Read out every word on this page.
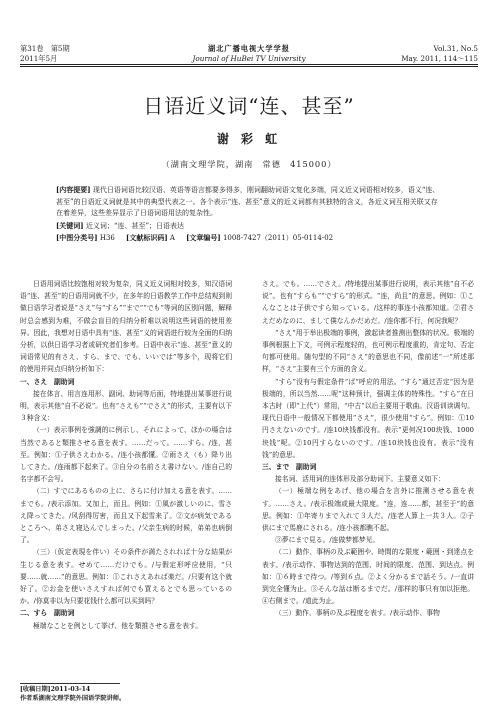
第31卷　第5期
2011年5月
湖北广播电视大学学报
Journal of HuBei TV University
Vol.31, No.5
May. 2011, 114～115
日语近义词“连、甚至”
谢 彩 虹
（湖南文理学院，湖南　常德　415000）

[内容提要] 现代日语词语比较汉语、英语等语言都要多得多，刚词翻助词语文复化多端，同义近义词语相对较多，语义“连、甚至”的日语近义词就是其中的典型代表之一。各个表示“连、甚至”意义的近义词都有其独特的含义，各近义词互相关联又存在着差异，这些差异显示了日语词语用法的复杂性。

[关键词] 近义词；“连、甚至”；日语表达

[中图分类号] H36 [文献标识码] A [文章编号] 1008-7427（2011）05-0114-02

日语用词语比较饱相对较为复杂，同义近义词相对较多，知汉语词语“连、甚至”的日语用词就不少，在多年的日语教学工作中总结观到则做日语学习者说是“さえ”与“すら”“まで”“でも”等词的区别问题，解释时总会感到为难，不做会盲目的归纳分析难以说明这些词语的使用差异。因此，我想对日语中具有“连、甚至”义的词语进行较为全面的归纳分析，以供日语学习者或研究者们参考。日语中表示“连、甚至”意义的词语常见的有さえ、すら、まで、でも、いいでは”等多个，现将它们的使用并同点归纳分析如下：

一、さえ　副助词

接在体言、用言连用形、副词、助词等后面，特地提出某事进行说明，表示其他“自不必说”。也有“さえも”“でさえ”的形式，主要有以下３种含义：

（一）表示事例を強調的に例示し、それによって、ほかの場合は当然であると類推させる意を表す。……だって。……すら。/连，甚至。例如：①子供さえわかる。/连小孩都懂。②雨さえ（も）降り出してきた。/连雨都下起来了。③自分の名前さえ書けない。/连自己的名字都不会写。

（二）すでにあるものの上に、さらに付け加える意を表す。……までも。/表示添加。又加上，而且。例如：①風が激しいのに、雪さえ降ってきた。/风刮得厉害，而且又下起雪来了。②文が病気であるところへ、弟さえ寝込んでしまった。/父亲生病的时候，弟弟也病倒了。

（三）（仮定表現を伴い）その条件が満たされれば十分な結果が生じる意を表す。せめて……だけでも。/与假定形呼应使用，“只要……就……”的意思。例如：①これさえあれば楽だ。/只要有这个就好了。②お金を使いさえすれば何でも買えるとでも思っているのか。/你莫非以为只要花钱什么都可以买到吗？

二、すら　副助词

極端なことを例として挙げ、他を類推させる意を表す。

さえ。でも。……でさえ。/特地提出某事进行说明，表示其他“自不必说”。也有“すらも”“ですら”的形式。“连，尚且”的意思。例如：①こんなことは子供ですら知っている。/这样的事连小孩都知道。②君さえだめなのに、まして僕なんかだめだ。/连你都不行，何况我呢？

“さえ”用于举出极端的事例，激起读者推测出整体的状况。极端的事例根据上下文，可例示程度轻的，也可例示程度重的，肯定句、否定句都可使用。随句型的不同“さえ”的意思也不同，像前述“一”所述那样，“さえ”主要有三个方面的含义。

“すら”没有与假定条件“ば”呼应的用法。“すら”通过否定“因为是极端的，所以当然……呢”这种预计，强调主体的特殊性。“すら”在日本古时（即“上代”）常用，“中古”以后主要用于歌曲。汉语训读调句。现代日语中一般情况下都使用“さえ”，很少使用“すら”。例如：①10円さえないのです。/连10块钱都没有。表示“更何况100块钱、1000块钱”呢。②10円すらないのです。/连10块钱也没有。表示“没有钱”的意思。

三、まで　副助词

接名词、活用词的连体形及部分助词下。主要意义如下：

（一）極端な例をあげ、他の場合を言外に推測させる意を表す。……さえ。/表示极端或最大限度。“连，连……都，甚至于”的意思。例如：①年寄りまで入れて３人だ。/连老人算上一共３人。②子供にまで馬鹿にされる。/连小孩都瞧不起。

③夢にまで見る。/连做梦都梦见。

（二）動作、事柄の及ぶ範囲や、時間的な限度・範囲・到達点を表す。/表示动作、事物达到的范围、时间的限度、范围、到达点。例如：①６時まで待つ。/等到６点。②よく分かるまで話そう。/一直讲到完全懂为止。③そんな話は断るまでだ。/那样的事只有加以拒绝。④右側まで。/道此为止。

（三）動作、事柄の及ぶ程度を表す。/表示动作、事物

[收稿日期]2011-03-14
作者系湖南文理学院外国语学院讲师。
